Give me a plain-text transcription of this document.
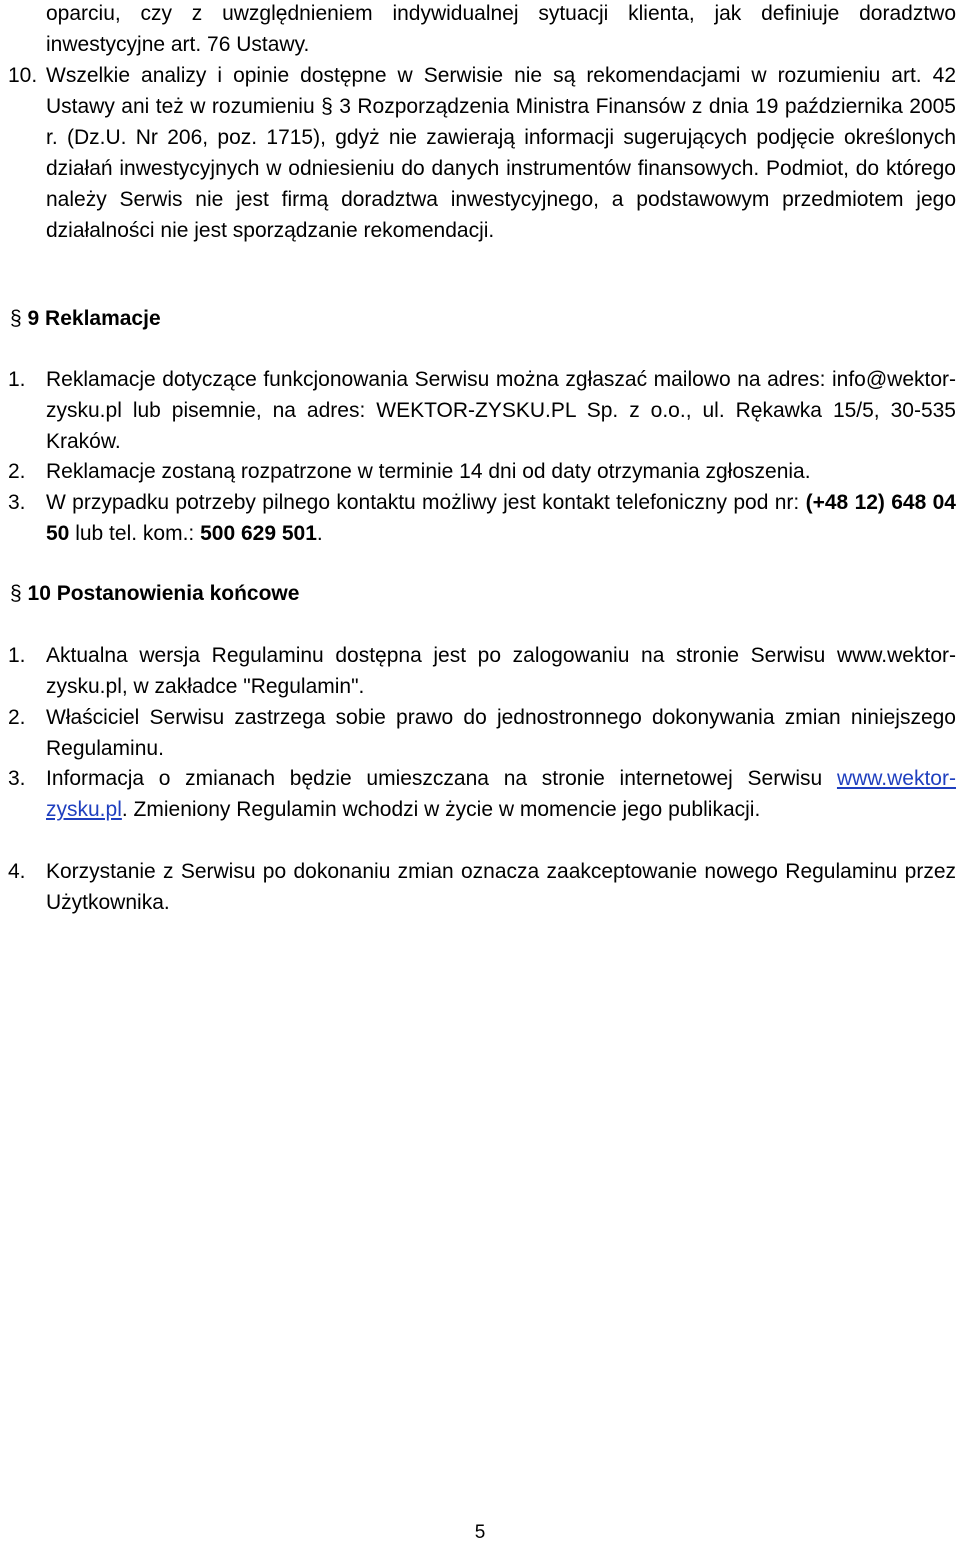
oparciu, czy z uwzględnieniem indywidualnej sytuacji klienta, jak definiuje doradztwo
inwestycyjne art. 76 Ustawy.
10. Wszelkie analizy i opinie dostępne w Serwisie nie są rekomendacjami w rozumieniu art. 42 Ustawy ani też w rozumieniu § 3 Rozporządzenia Ministra Finansów z dnia 19 października 2005 r. (Dz.U. Nr 206, poz. 1715), gdyż nie zawierają informacji sugerujących podjęcie określonych działań inwestycyjnych w odniesieniu do danych instrumentów finansowych. Podmiot, do którego należy Serwis nie jest firmą doradztwa inwestycyjnego, a podstawowym przedmiotem jego działalności nie jest sporządzanie rekomendacji.
§ 9 Reklamacje
1. Reklamacje dotyczące funkcjonowania Serwisu można zgłaszać mailowo na adres: info@wektor-zysku.pl lub pisemnie, na adres: WEKTOR-ZYSKU.PL Sp. z o.o., ul. Rękawka 15/5, 30-535 Kraków.
2. Reklamacje zostaną rozpatrzone w terminie 14 dni od daty otrzymania zgłoszenia.
3. W przypadku potrzeby pilnego kontaktu możliwy jest kontakt telefoniczny pod nr: (+48 12) 648 04 50 lub tel. kom.: 500 629 501.
§ 10 Postanowienia końcowe
1. Aktualna wersja Regulaminu dostępna jest po zalogowaniu na stronie Serwisu www.wektor-zysku.pl, w zakładce "Regulamin".
2. Właściciel Serwisu zastrzega sobie prawo do jednostronnego dokonywania zmian niniejszego Regulaminu.
3. Informacja o zmianach będzie umieszczana na stronie internetowej Serwisu www.wektor-zysku.pl. Zmieniony Regulamin wchodzi w życie w momencie jego publikacji.
4. Korzystanie z Serwisu po dokonaniu zmian oznacza zaakceptowanie nowego Regulaminu przez Użytkownika.
5
